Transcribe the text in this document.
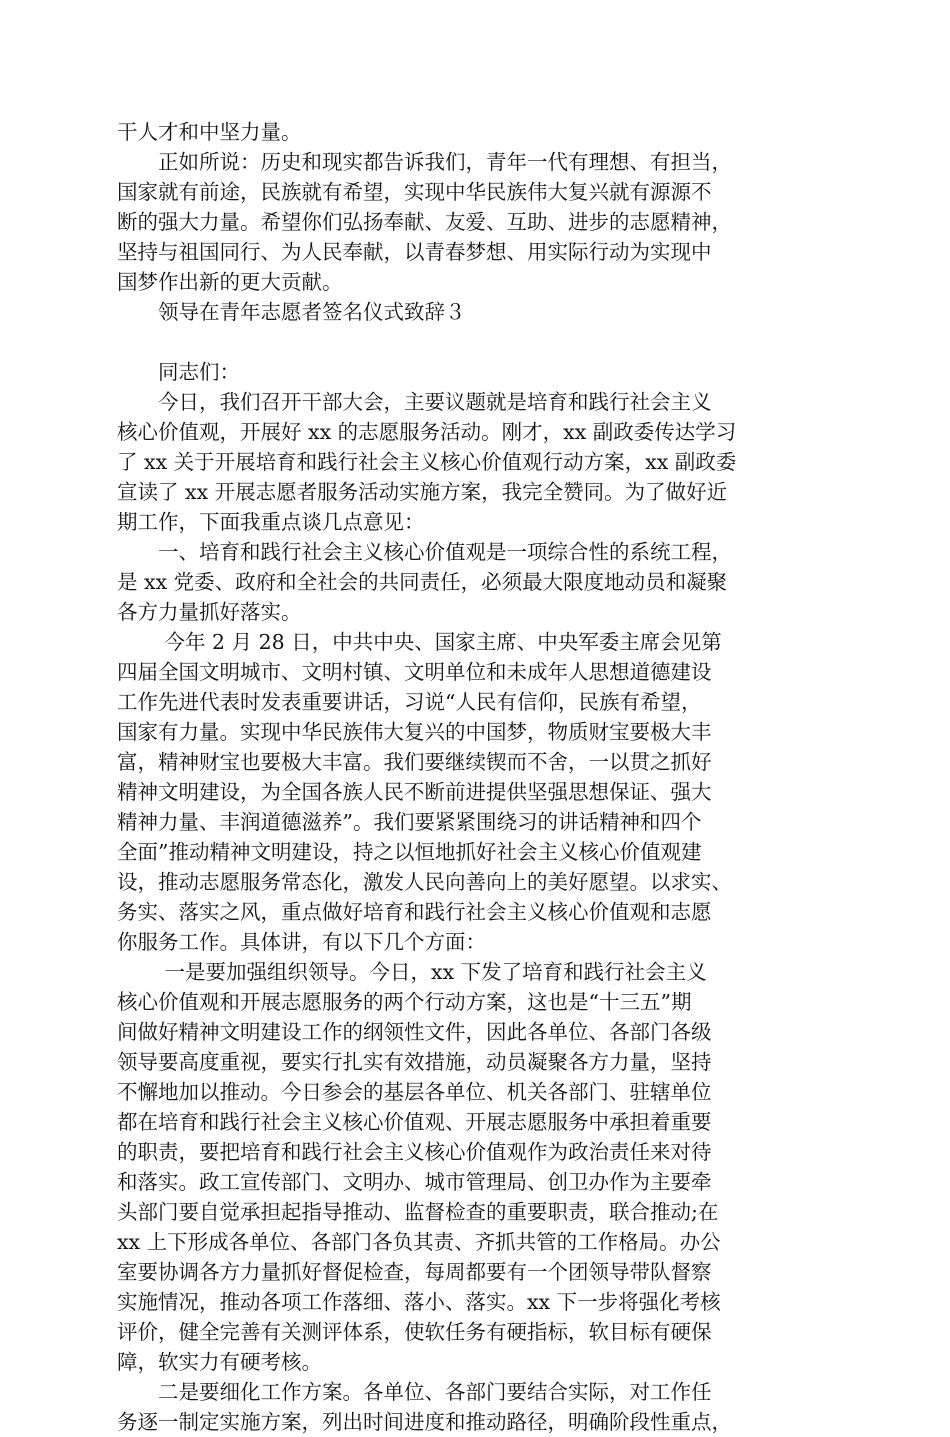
干人才和中坚力量。
　　正如所说：历史和现实都告诉我们，青年一代有理想、有担当，
国家就有前途，民族就有希望，实现中华民族伟大复兴就有源源不
断的强大力量。希望你们弘扬奉献、友爱、互助、进步的志愿精神，
坚持与祖国同行、为人民奉献，以青春梦想、用实际行动为实现中
国梦作出新的更大贡献。
　　领导在青年志愿者签名仪式致辞３
　　同志们：
　　今日，我们召开干部大会，主要议题就是培育和践行社会主义
核心价值观，开展好 xx 的志愿服务活动。刚才，xx 副政委传达学习
了 xx 关于开展培育和践行社会主义核心价值观行动方案，xx 副政委
宣读了 xx 开展志愿者服务活动实施方案，我完全赞同。为了做好近
期工作，下面我重点谈几点意见：
　　一、培育和践行社会主义核心价值观是一项综合性的系统工程，
是 xx 党委、政府和全社会的共同责任，必须最大限度地动员和凝聚
各方力量抓好落实。
　　 今年 2 月 28 日，中共中央、国家主席、中央军委主席会见第
四届全国文明城市、文明村镇、文明单位和未成年人思想道德建设
工作先进代表时发表重要讲话，习说“人民有信仰，民族有希望，
国家有力量。实现中华民族伟大复兴的中国梦，物质财宝要极大丰
富，精神财宝也要极大丰富。我们要继续锲而不舍，一以贯之抓好
精神文明建设，为全国各族人民不断前进提供坚强思想保证、强大
精神力量、丰润道德滋养”。我们要紧紧围绕习的讲话精神和四个
全面”推动精神文明建设，持之以恒地抓好社会主义核心价值观建
设，推动志愿服务常态化，激发人民向善向上的美好愿望。以求实、
务实、落实之风，重点做好培育和践行社会主义核心价值观和志愿
你服务工作。具体讲，有以下几个方面：
　　 一是要加强组织领导。今日，xx 下发了培育和践行社会主义
核心价值观和开展志愿服务的两个行动方案，这也是“十三五”期
间做好精神文明建设工作的纲领性文件，因此各单位、各部门各级
领导要高度重视，要实行扎实有效措施，动员凝聚各方力量，坚持
不懈地加以推动。今日参会的基层各单位、机关各部门、驻辖单位
都在培育和践行社会主义核心价值观、开展志愿服务中承担着重要
的职责，要把培育和践行社会主义核心价值观作为政治责任来对待
和落实。政工宣传部门、文明办、城市管理局、创卫办作为主要牵
头部门要自觉承担起指导推动、监督检查的重要职责，联合推动;在
xx 上下形成各单位、各部门各负其责、齐抓共管的工作格局。办公
室要协调各方力量抓好督促检查，每周都要有一个团领导带队督察
实施情况，推动各项工作落细、落小、落实。xx 下一步将强化考核
评价，健全完善有关测评体系，使软任务有硬指标，软目标有硬保
障，软实力有硬考核。
　　二是要细化工作方案。各单位、各部门要结合实际，对工作任
务逐一制定实施方案，列出时间进度和推动路径，明确阶段性重点，
